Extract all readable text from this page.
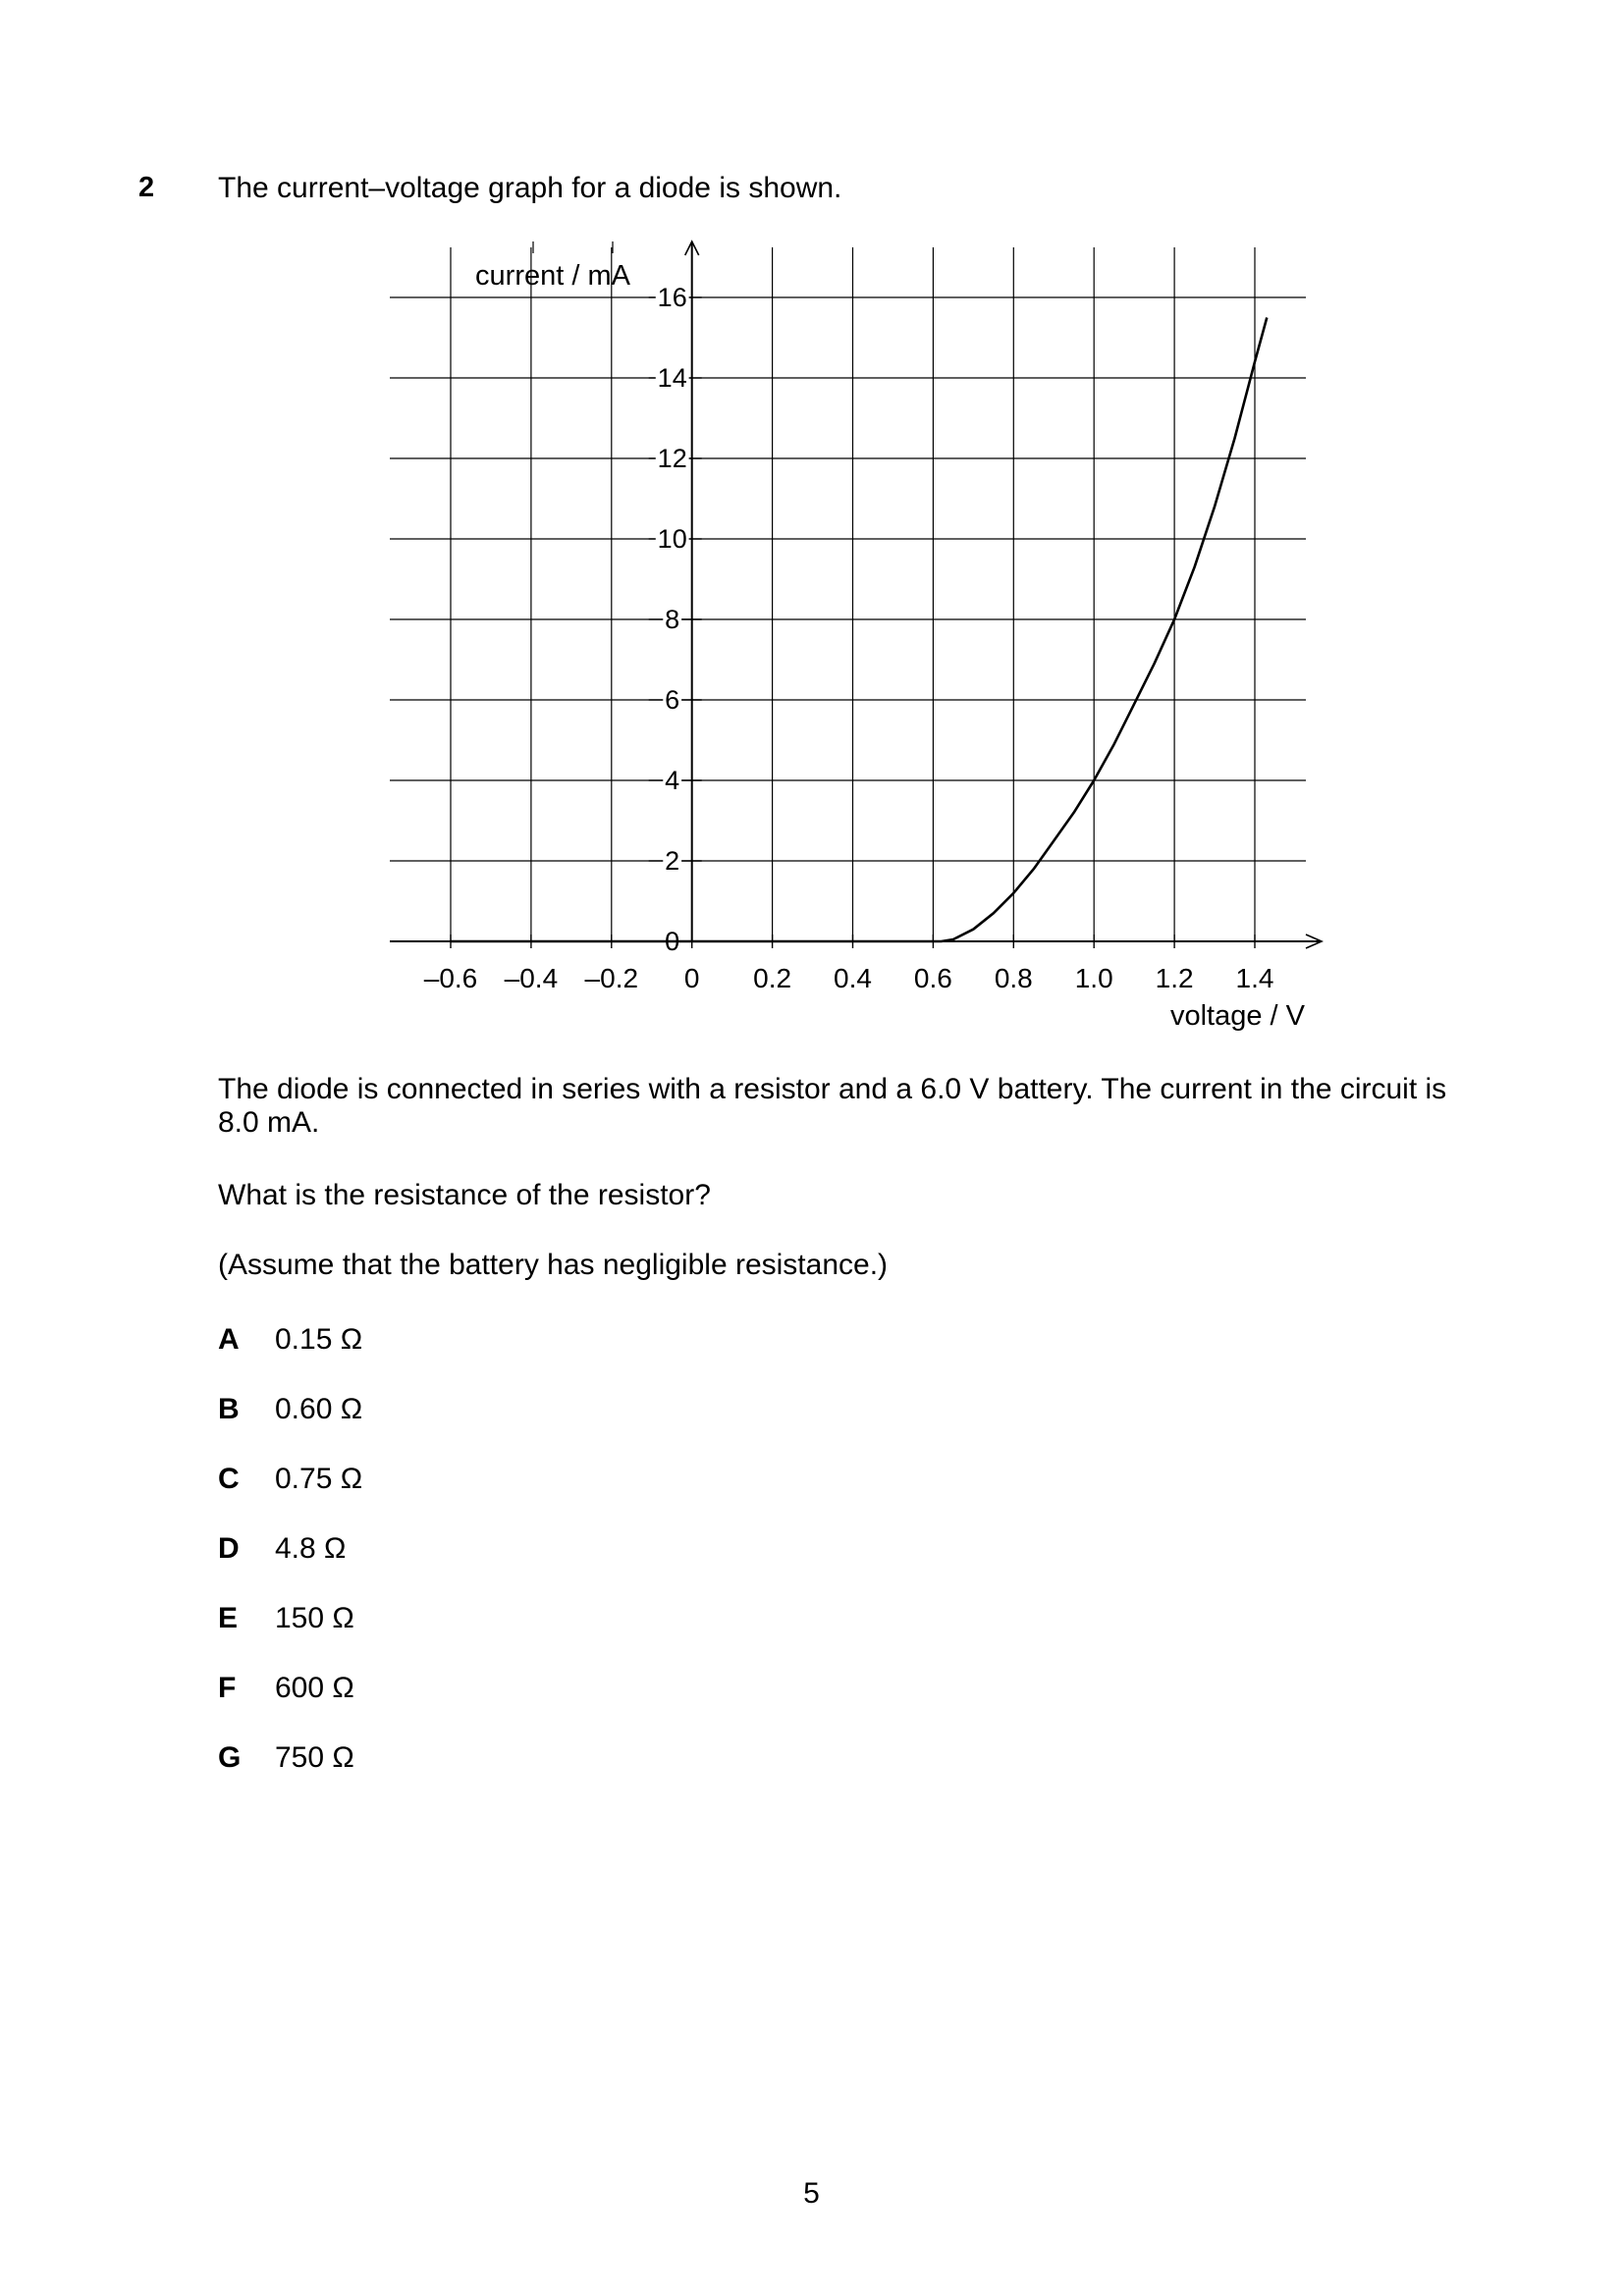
2 The current–voltage graph for a diode is shown.
0
2
4
6
8
10
12
14
16
–0.6 –0.4 –0.2 0 0.2 0.4 0.6 0.8 1.0 1.2 1.4
current / mA
voltage / V
The diode is connected in series with a resistor and a 6.0 V battery. The current in the circuit is 8.0 mA.
What is the resistance of the resistor?
(Assume that the battery has negligible resistance.)
A	0.15 Ω
B	0.60 Ω
C	0.75 Ω
D	4.8 Ω
E	150 Ω
F	600 Ω
G	750 Ω
5
